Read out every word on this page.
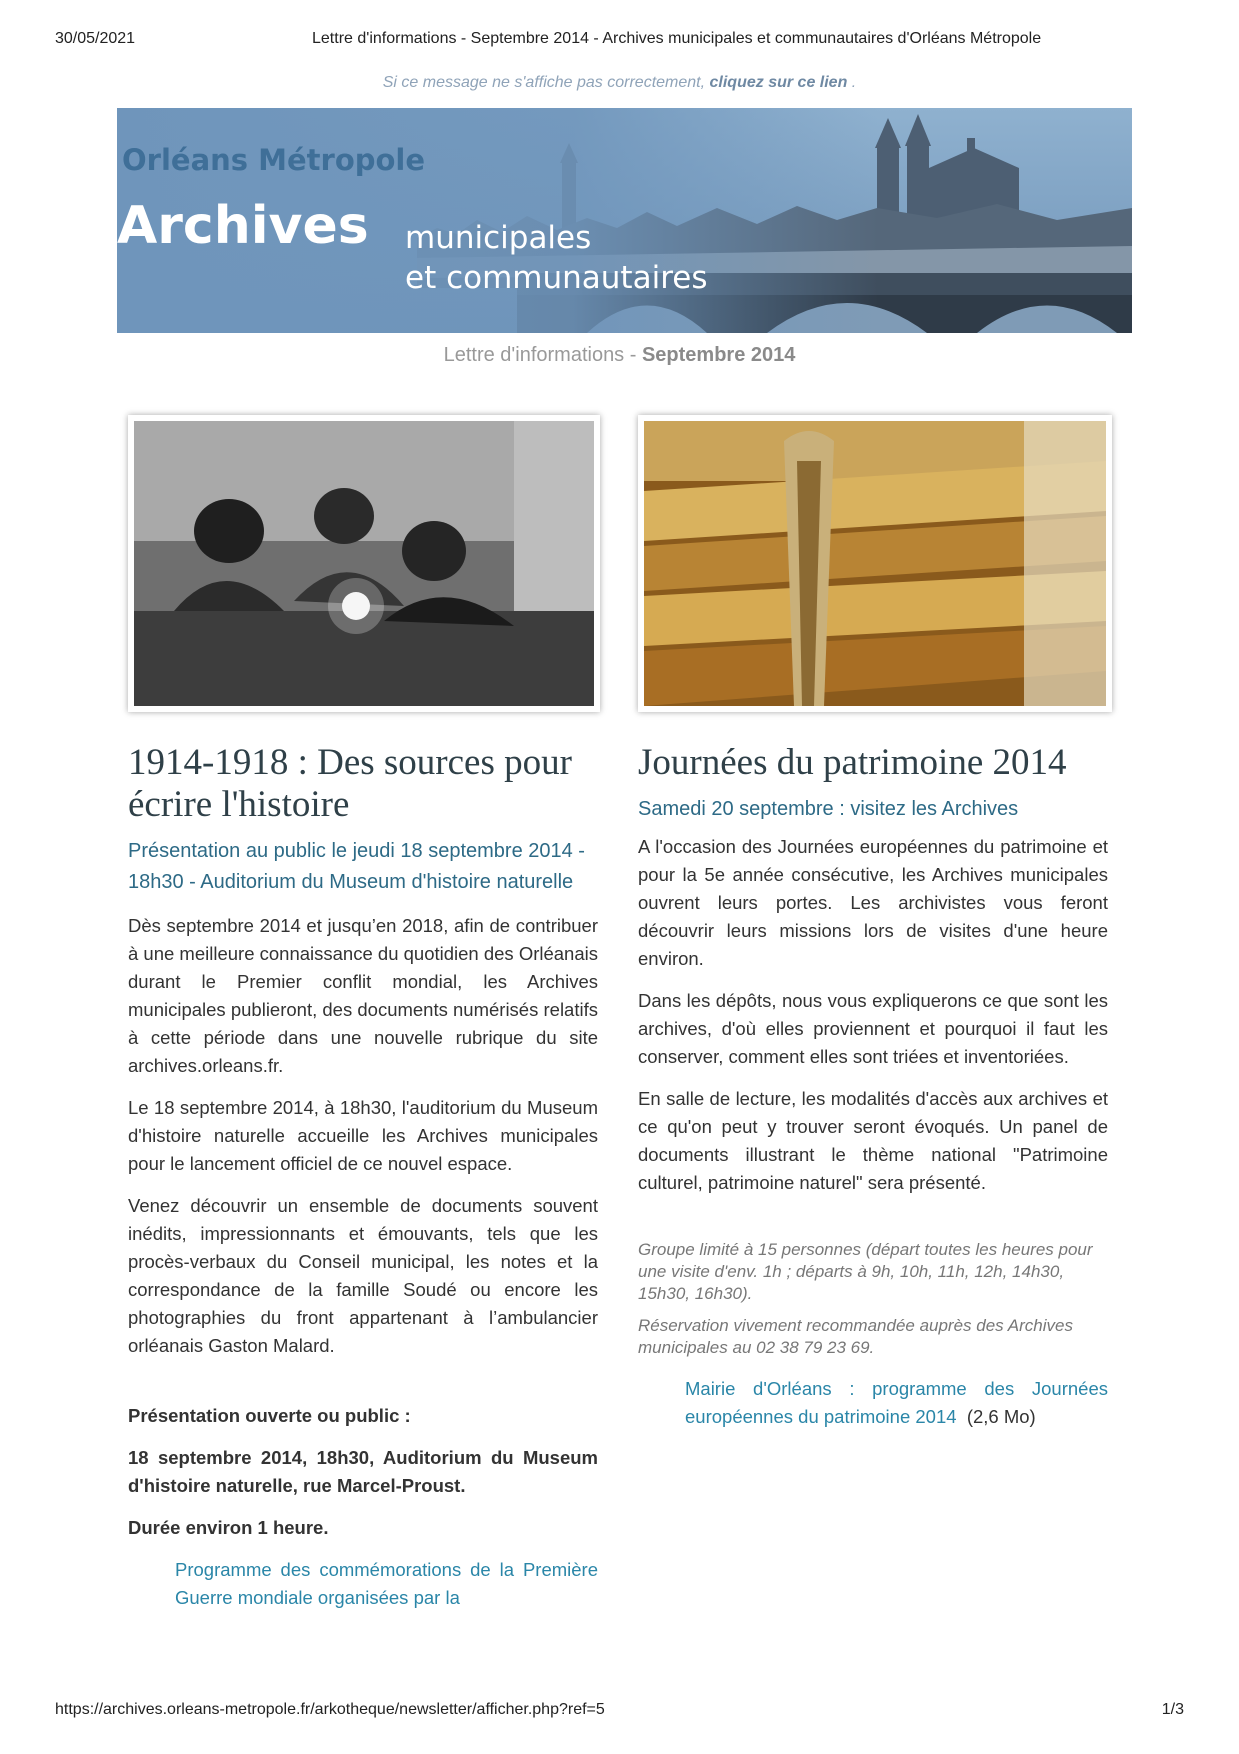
30/05/2021	Lettre d'informations - Septembre 2014 - Archives municipales et communautaires d'Orléans Métropole
Si ce message ne s'affiche pas correctement, cliquez sur ce lien .
Orléans Métropole
Archives municipales
et communautaires
Lettre d'informations - Septembre 2014
1914-1918 : Des sources pour écrire l'histoire
Présentation au public le jeudi 18 septembre 2014 - 18h30 - Auditorium du Museum d'histoire naturelle

Dès septembre 2014 et jusqu’en 2018, afin de contribuer à une meilleure connaissance du quotidien des Orléanais durant le Premier conflit mondial, les Archives municipales publieront, des documents numérisés relatifs à cette période dans une nouvelle rubrique du site archives.orleans.fr.

Le 18 septembre 2014, à 18h30, l'auditorium du Museum d'histoire naturelle accueille les Archives municipales pour le lancement officiel de ce nouvel espace.

Venez découvrir un ensemble de documents souvent inédits, impressionnants et émouvants, tels que les procès-verbaux du Conseil municipal, les notes et la correspondance de la famille Soudé ou encore les photographies du front appartenant à l’ambulancier orléanais Gaston Malard.

Présentation ouverte ou public :

18 septembre 2014, 18h30, Auditorium du Museum d'histoire naturelle, rue Marcel-Proust.

Durée environ 1 heure.

Programme des commémorations de la Première Guerre mondiale organisées par la
Journées du patrimoine 2014
Samedi 20 septembre : visitez les Archives

A l'occasion des Journées européennes du patrimoine et pour la 5e année consécutive, les Archives municipales ouvrent leurs portes. Les archivistes vous feront découvrir leurs missions lors de visites d'une heure environ.

Dans les dépôts, nous vous expliquerons ce que sont les archives, d'où elles proviennent et pourquoi il faut les conserver, comment elles sont triées et inventoriées.

En salle de lecture, les modalités d'accès aux archives et ce qu'on peut y trouver seront évoqués. Un panel de documents illustrant le thème national "Patrimoine culturel, patrimoine naturel" sera présenté.

Groupe limité à 15 personnes (départ toutes les heures pour une visite d'env. 1h ; départs à 9h, 10h, 11h, 12h, 14h30, 15h30, 16h30).

Réservation vivement recommandée auprès des Archives municipales au 02 38 79 23 69.

Mairie d'Orléans : programme des Journées européennes du patrimoine 2014 (2,6 Mo)
https://archives.orleans-metropole.fr/arkotheque/newsletter/afficher.php?ref=5	1/3
